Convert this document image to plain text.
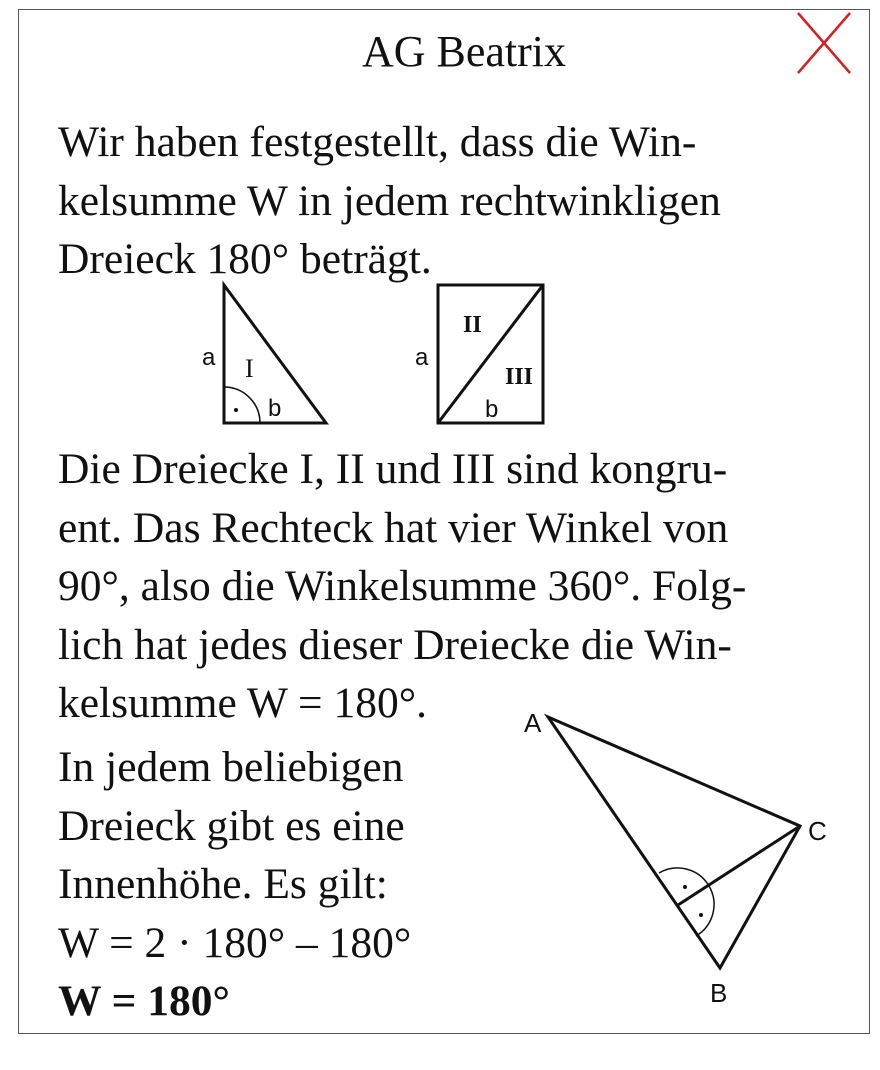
AG Beatrix
Wir haben festgestellt, dass die Win-
kelsumme W in jedem rechtwinkligen
Dreieck 180° beträgt.
a
b
I	a
b
II
III
Die Dreiecke I, II und III sind kongru-
ent. Das Rechteck hat vier Winkel von
90°, also die Winkelsumme 360°. Folg-
lich hat jedes dieser Dreiecke die Win-
kelsumme W = 180°.
In jedem beliebigen
Dreieck gibt es eine
Innenhöhe. Es gilt:
W = 2 · 180° – 180°
W = 180°
A
C
B
